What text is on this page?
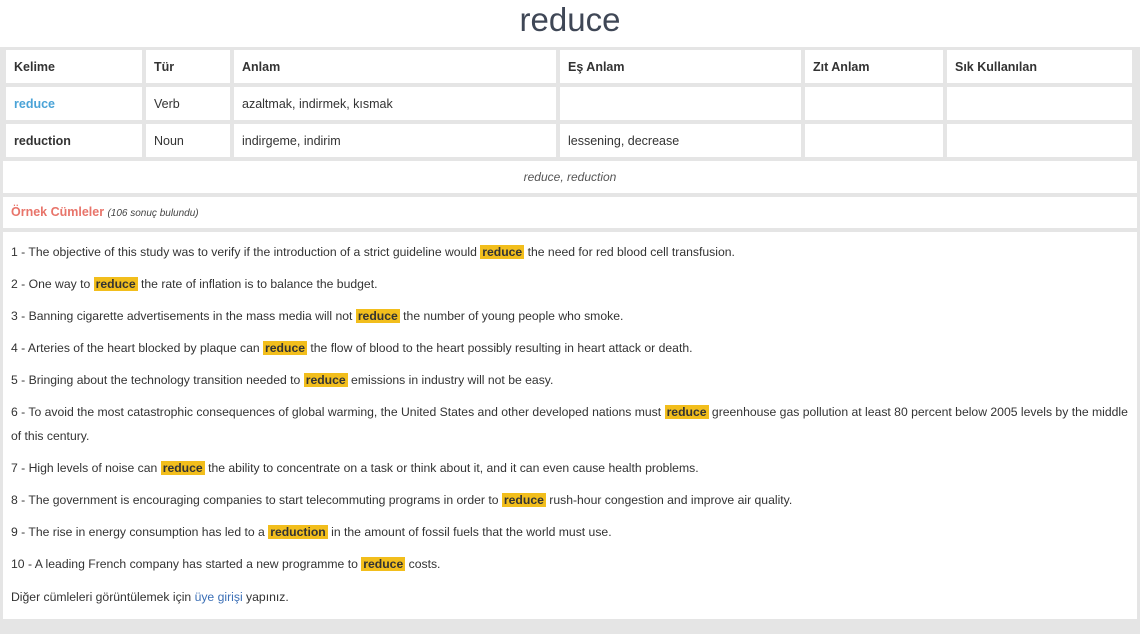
reduce
Kelime	Tür	Anlam	Eş Anlam	Zıt Anlam	Sık Kullanılan
reduce	Verb	azaltmak, indirmek, kısmak			
reduction	Noun	indirgeme, indirim	lessening, decrease		
reduce, reduction
Örnek Cümleler (106 sonuç bulundu)
1 - The objective of this study was to verify if the introduction of a strict guideline would reduce the need for red blood cell transfusion.
2 - One way to reduce the rate of inflation is to balance the budget.
3 - Banning cigarette advertisements in the mass media will not reduce the number of young people who smoke.
4 - Arteries of the heart blocked by plaque can reduce the flow of blood to the heart possibly resulting in heart attack or death.
5 - Bringing about the technology transition needed to reduce emissions in industry will not be easy.
6 - To avoid the most catastrophic consequences of global warming, the United States and other developed nations must reduce greenhouse gas pollution at least 80 percent below 2005 levels by the middle of this century.
7 - High levels of noise can reduce the ability to concentrate on a task or think about it, and it can even cause health problems.
8 - The government is encouraging companies to start telecommuting programs in order to reduce rush-hour congestion and improve air quality.
9 - The rise in energy consumption has led to a reduction in the amount of fossil fuels that the world must use.
10 - A leading French company has started a new programme to reduce costs.
Diğer cümleleri görüntülemek için üye girişi yapınız.
